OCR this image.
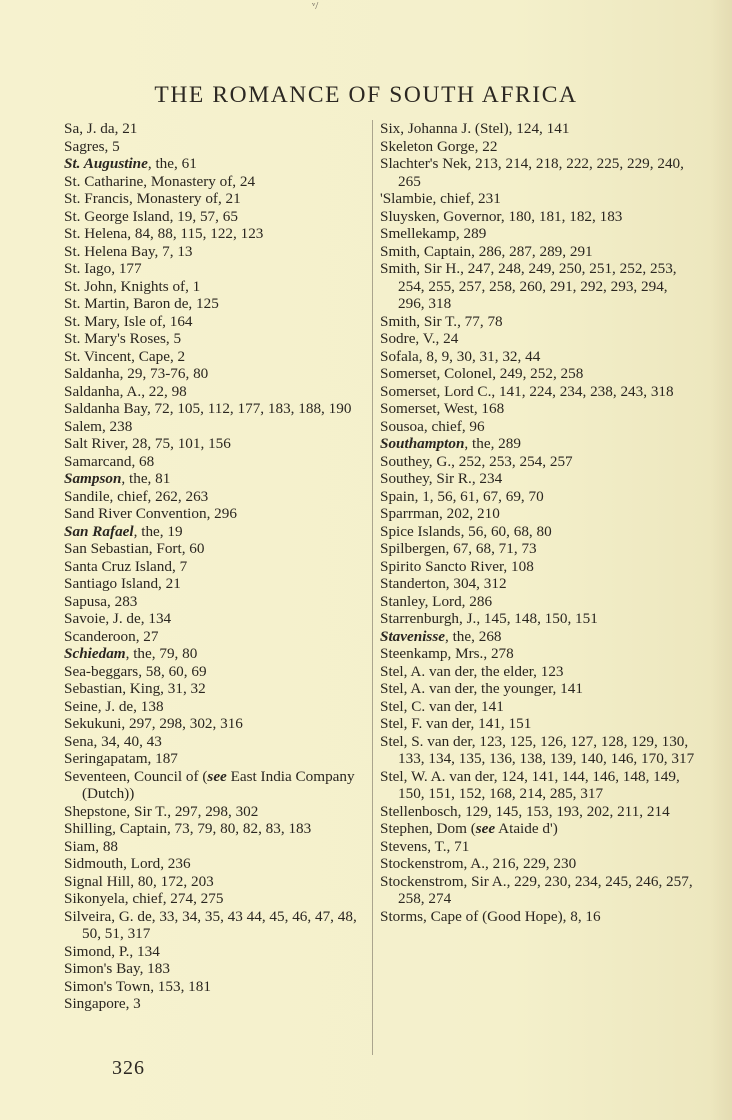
ᵛ/
THE ROMANCE OF SOUTH AFRICA
Sa, J. da, 21
Sagres, 5
St. Augustine, the, 61
St. Catharine, Monastery of, 24
St. Francis, Monastery of, 21
St. George Island, 19, 57, 65
St. Helena, 84, 88, 115, 122, 123
St. Helena Bay, 7, 13
St. Iago, 177
St. John, Knights of, 1
St. Martin, Baron de, 125
St. Mary, Isle of, 164
St. Mary's Roses, 5
St. Vincent, Cape, 2
Saldanha, 29, 73-76, 80
Saldanha, A., 22, 98
Saldanha Bay, 72, 105, 112, 177, 183, 188, 190
Salem, 238
Salt River, 28, 75, 101, 156
Samarcand, 68
Sampson, the, 81
Sandile, chief, 262, 263
Sand River Convention, 296
San Rafael, the, 19
San Sebastian, Fort, 60
Santa Cruz Island, 7
Santiago Island, 21
Sapusa, 283
Savoie, J. de, 134
Scanderoon, 27
Schiedam, the, 79, 80
Sea-beggars, 58, 60, 69
Sebastian, King, 31, 32
Seine, J. de, 138
Sekukuni, 297, 298, 302, 316
Sena, 34, 40, 43
Seringapatam, 187
Seventeen, Council of (see East India Company (Dutch))
Shepstone, Sir T., 297, 298, 302
Shilling, Captain, 73, 79, 80, 82, 83, 183
Siam, 88
Sidmouth, Lord, 236
Signal Hill, 80, 172, 203
Sikonyela, chief, 274, 275
Silveira, G. de, 33, 34, 35, 43 44, 45, 46, 47, 48, 50, 51, 317
Simond, P., 134
Simon's Bay, 183
Simon's Town, 153, 181
Singapore, 3
Six, Johanna J. (Stel), 124, 141
Skeleton Gorge, 22
Slachter's Nek, 213, 214, 218, 222, 225, 229, 240, 265
'Slambie, chief, 231
Sluysken, Governor, 180, 181, 182, 183
Smellekamp, 289
Smith, Captain, 286, 287, 289, 291
Smith, Sir H., 247, 248, 249, 250, 251, 252, 253, 254, 255, 257, 258, 260, 291, 292, 293, 294, 296, 318
Smith, Sir T., 77, 78
Sodre, V., 24
Sofala, 8, 9, 30, 31, 32, 44
Somerset, Colonel, 249, 252, 258
Somerset, Lord C., 141, 224, 234, 238, 243, 318
Somerset, West, 168
Sousoa, chief, 96
Southampton, the, 289
Southey, G., 252, 253, 254, 257
Southey, Sir R., 234
Spain, 1, 56, 61, 67, 69, 70
Sparrman, 202, 210
Spice Islands, 56, 60, 68, 80
Spilbergen, 67, 68, 71, 73
Spirito Sancto River, 108
Standerton, 304, 312
Stanley, Lord, 286
Starrenburgh, J., 145, 148, 150, 151
Stavenisse, the, 268
Steenkamp, Mrs., 278
Stel, A. van der, the elder, 123
Stel, A. van der, the younger, 141
Stel, C. van der, 141
Stel, F. van der, 141, 151
Stel, S. van der, 123, 125, 126, 127, 128, 129, 130, 133, 134, 135, 136, 138, 139, 140, 146, 170, 317
Stel, W. A. van der, 124, 141, 144, 146, 148, 149, 150, 151, 152, 168, 214, 285, 317
Stellenbosch, 129, 145, 153, 193, 202, 211, 214
Stephen, Dom (see Ataide d')
Stevens, T., 71
Stockenstrom, A., 216, 229, 230
Stockenstrom, Sir A., 229, 230, 234, 245, 246, 257, 258, 274
Storms, Cape of (Good Hope), 8, 16
326
